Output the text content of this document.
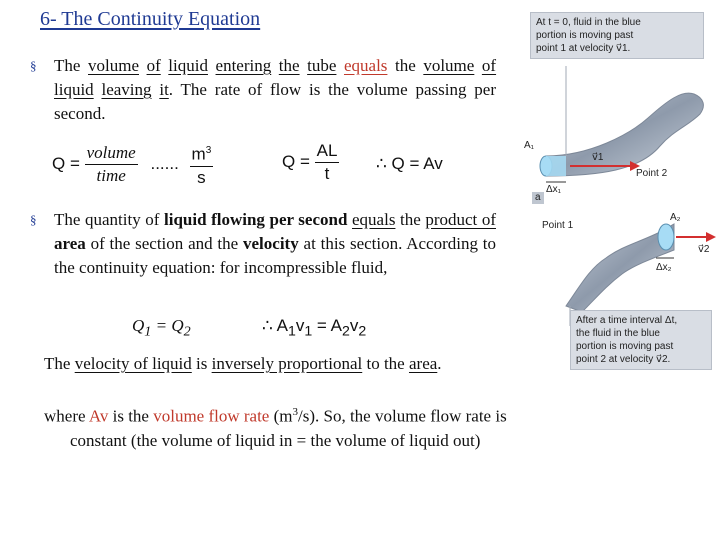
6- The Continuity Equation
§ The volume of liquid entering the tube equals the volume of liquid leaving it. The rate of flow is the volume passing per second.
$Q = \frac{\text{volume}}{\text{time}}$ ...... $\frac{m^3}{s}$	$Q = \frac{AL}{t}$ ∴ Q = Av
§ The quantity of liquid flowing per second equals the product of area of the section and the velocity at this section. According to the continuity equation: for incompressible fluid,
$Q_1 = Q_2$	∴ $A_1v_1 = A_2v_2$
The velocity of liquid is inversely proportional to the area.
where Av is the volume flow rate $(m^3/s)$. So, the volume flow rate is
constant (the volume of liquid in = the volume of liquid out)
At t = 0, fluid in the blue
portion is moving past
point 1 at velocity v⃗1.
A₁
Δx₁
v⃗1
Point 2
a
Point 1
A₂
v⃗2
Δx₂
After a time interval Δt,
the fluid in the blue
portion is moving past
point 2 at velocity v⃗2.
